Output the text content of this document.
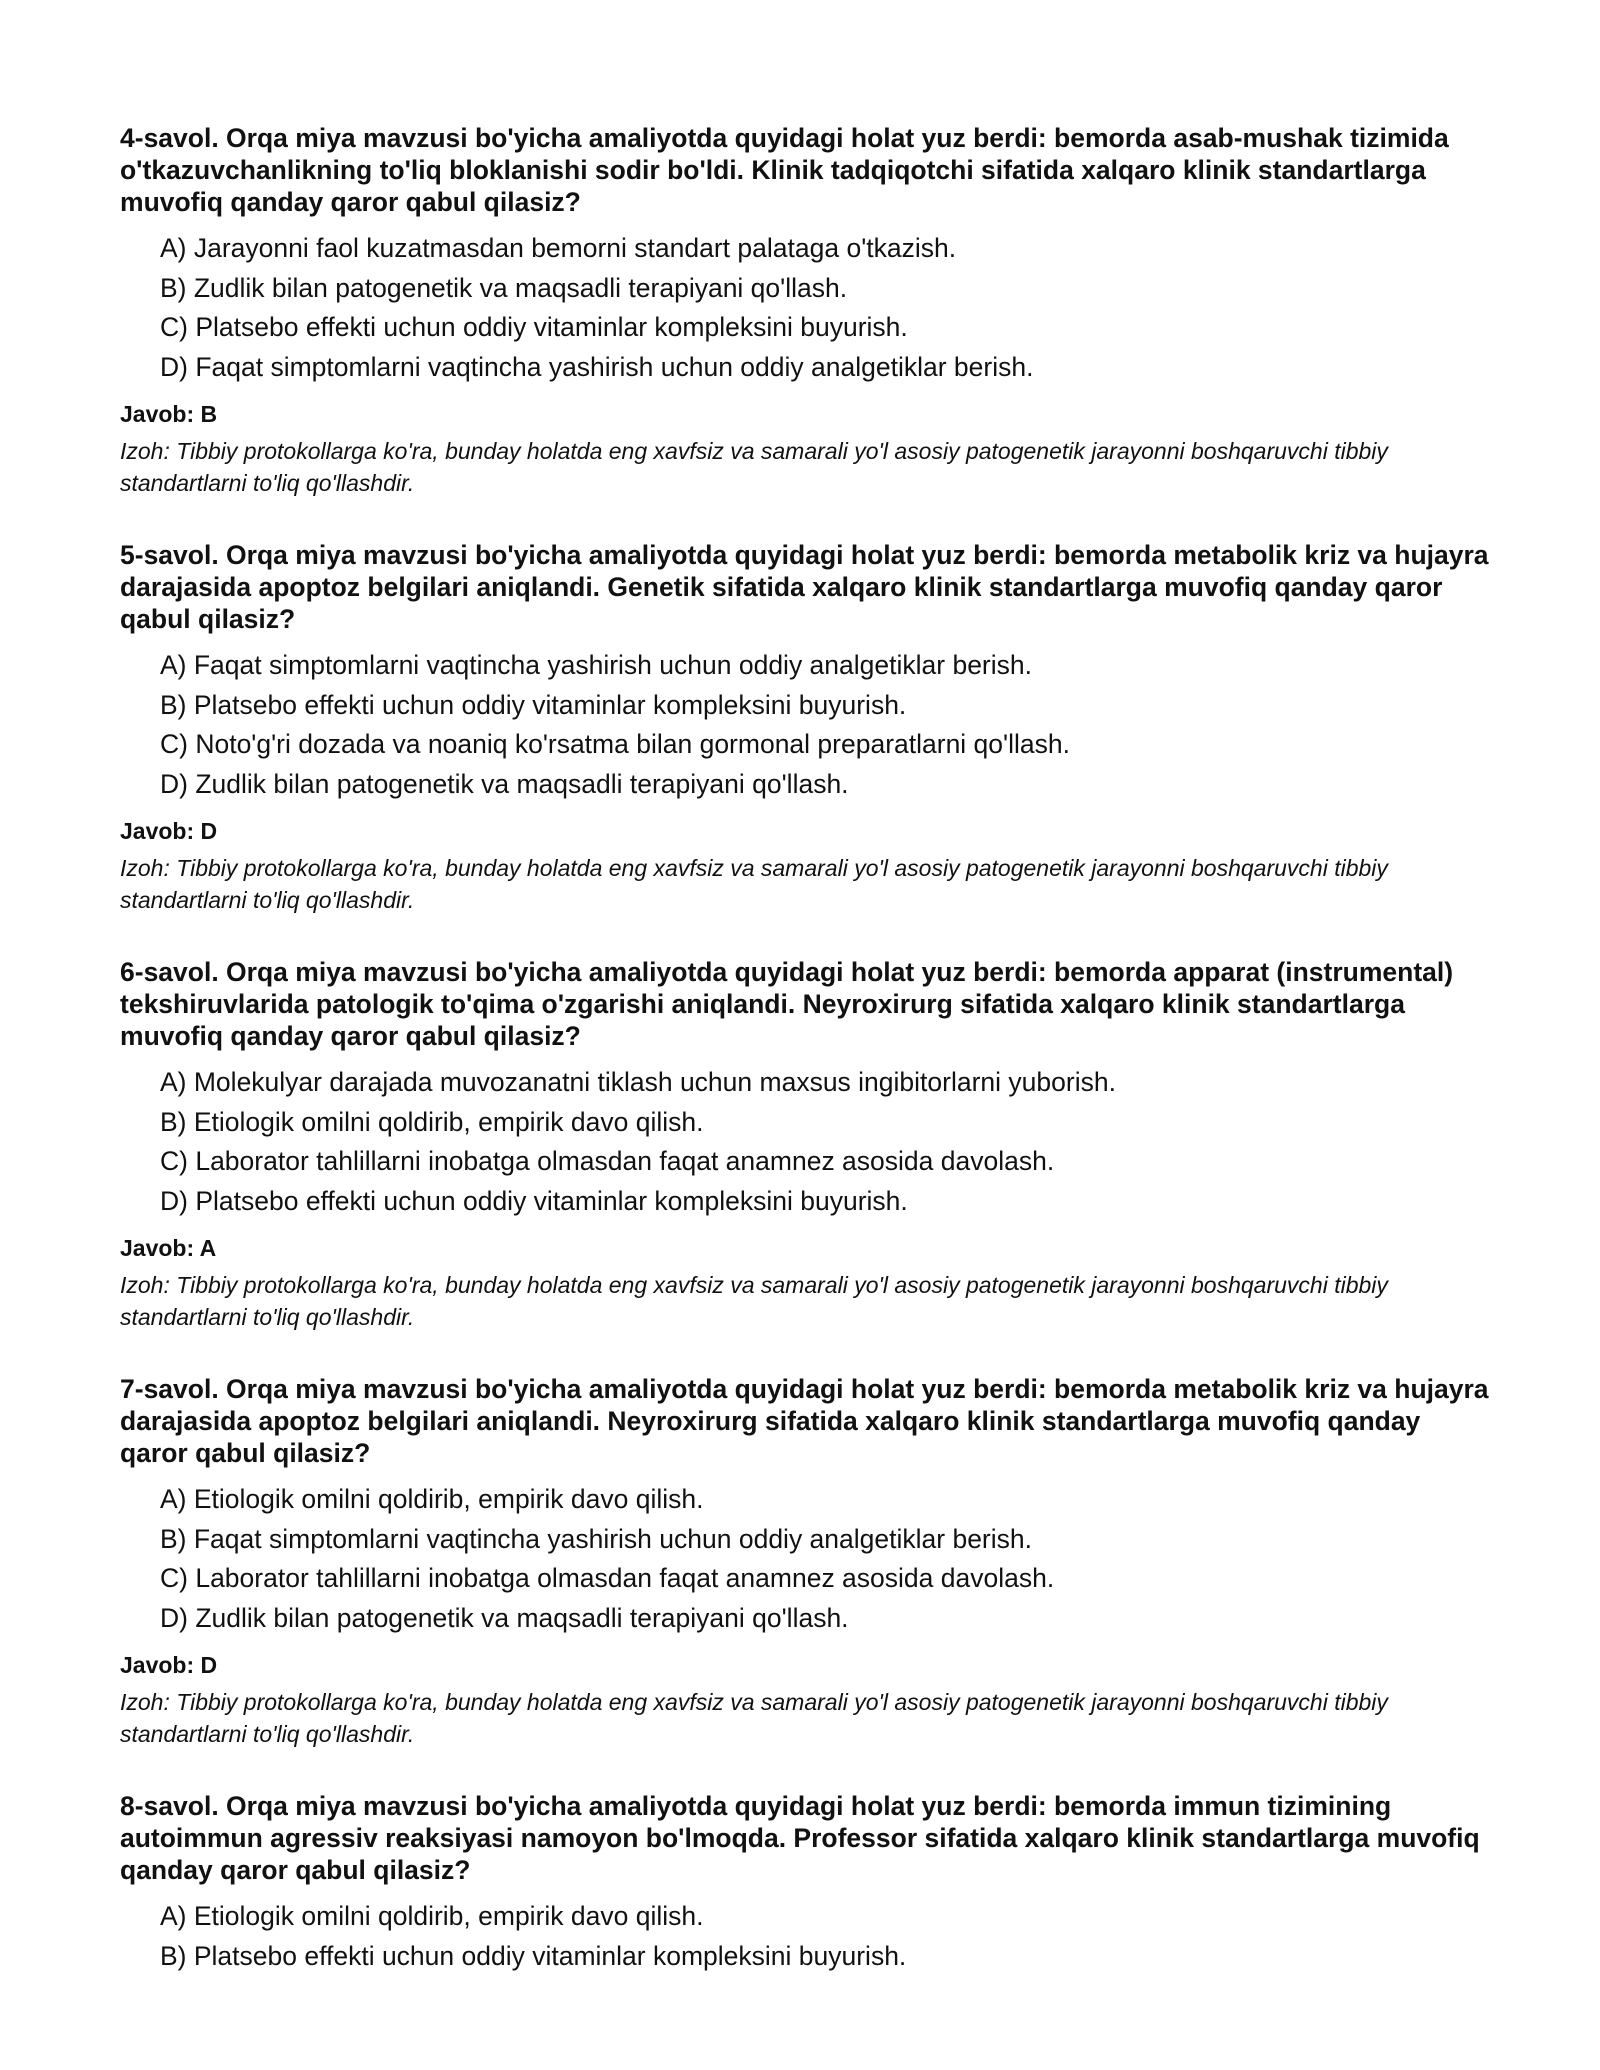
4-savol. Orqa miya mavzusi bo'yicha amaliyotda quyidagi holat yuz berdi: bemorda asab-mushak tizimida o'tkazuvchanlikning to'liq bloklanishi sodir bo'ldi. Klinik tadqiqotchi sifatida xalqaro klinik standartlarga muvofiq qanday qaror qabul qilasiz?
A) Jarayonni faol kuzatmasdan bemorni standart palataga o'tkazish.
B) Zudlik bilan patogenetik va maqsadli terapiyani qo'llash.
C) Platsebo effekti uchun oddiy vitaminlar kompleksini buyurish.
D) Faqat simptomlarni vaqtincha yashirish uchun oddiy analgetiklar berish.
Javob: B

Izoh: Tibbiy protokollarga ko'ra, bunday holatda eng xavfsiz va samarali yo'l asosiy patogenetik jarayonni boshqaruvchi tibbiy standartlarni to'liq qo'llashdir.

5-savol. Orqa miya mavzusi bo'yicha amaliyotda quyidagi holat yuz berdi: bemorda metabolik kriz va hujayra darajasida apoptoz belgilari aniqlandi. Genetik sifatida xalqaro klinik standartlarga muvofiq qanday qaror qabul qilasiz?
A) Faqat simptomlarni vaqtincha yashirish uchun oddiy analgetiklar berish.
B) Platsebo effekti uchun oddiy vitaminlar kompleksini buyurish.
C) Noto'g'ri dozada va noaniq ko'rsatma bilan gormonal preparatlarni qo'llash.
D) Zudlik bilan patogenetik va maqsadli terapiyani qo'llash.
Javob: D

Izoh: Tibbiy protokollarga ko'ra, bunday holatda eng xavfsiz va samarali yo'l asosiy patogenetik jarayonni boshqaruvchi tibbiy standartlarni to'liq qo'llashdir.

6-savol. Orqa miya mavzusi bo'yicha amaliyotda quyidagi holat yuz berdi: bemorda apparat (instrumental) tekshiruvlarida patologik to'qima o'zgarishi aniqlandi. Neyroxirurg sifatida xalqaro klinik standartlarga muvofiq qanday qaror qabul qilasiz?
A) Molekulyar darajada muvozanatni tiklash uchun maxsus ingibitorlarni yuborish.
B) Etiologik omilni qoldirib, empirik davo qilish.
C) Laborator tahlillarni inobatga olmasdan faqat anamnez asosida davolash.
D) Platsebo effekti uchun oddiy vitaminlar kompleksini buyurish.
Javob: A

Izoh: Tibbiy protokollarga ko'ra, bunday holatda eng xavfsiz va samarali yo'l asosiy patogenetik jarayonni boshqaruvchi tibbiy standartlarni to'liq qo'llashdir.

7-savol. Orqa miya mavzusi bo'yicha amaliyotda quyidagi holat yuz berdi: bemorda metabolik kriz va hujayra darajasida apoptoz belgilari aniqlandi. Neyroxirurg sifatida xalqaro klinik standartlarga muvofiq qanday qaror qabul qilasiz?
A) Etiologik omilni qoldirib, empirik davo qilish.
B) Faqat simptomlarni vaqtincha yashirish uchun oddiy analgetiklar berish.
C) Laborator tahlillarni inobatga olmasdan faqat anamnez asosida davolash.
D) Zudlik bilan patogenetik va maqsadli terapiyani qo'llash.
Javob: D

Izoh: Tibbiy protokollarga ko'ra, bunday holatda eng xavfsiz va samarali yo'l asosiy patogenetik jarayonni boshqaruvchi tibbiy standartlarni to'liq qo'llashdir.

8-savol. Orqa miya mavzusi bo'yicha amaliyotda quyidagi holat yuz berdi: bemorda immun tizimining autoimmun agressiv reaksiyasi namoyon bo'lmoqda. Professor sifatida xalqaro klinik standartlarga muvofiq qanday qaror qabul qilasiz?
A) Etiologik omilni qoldirib, empirik davo qilish.
B) Platsebo effekti uchun oddiy vitaminlar kompleksini buyurish.
